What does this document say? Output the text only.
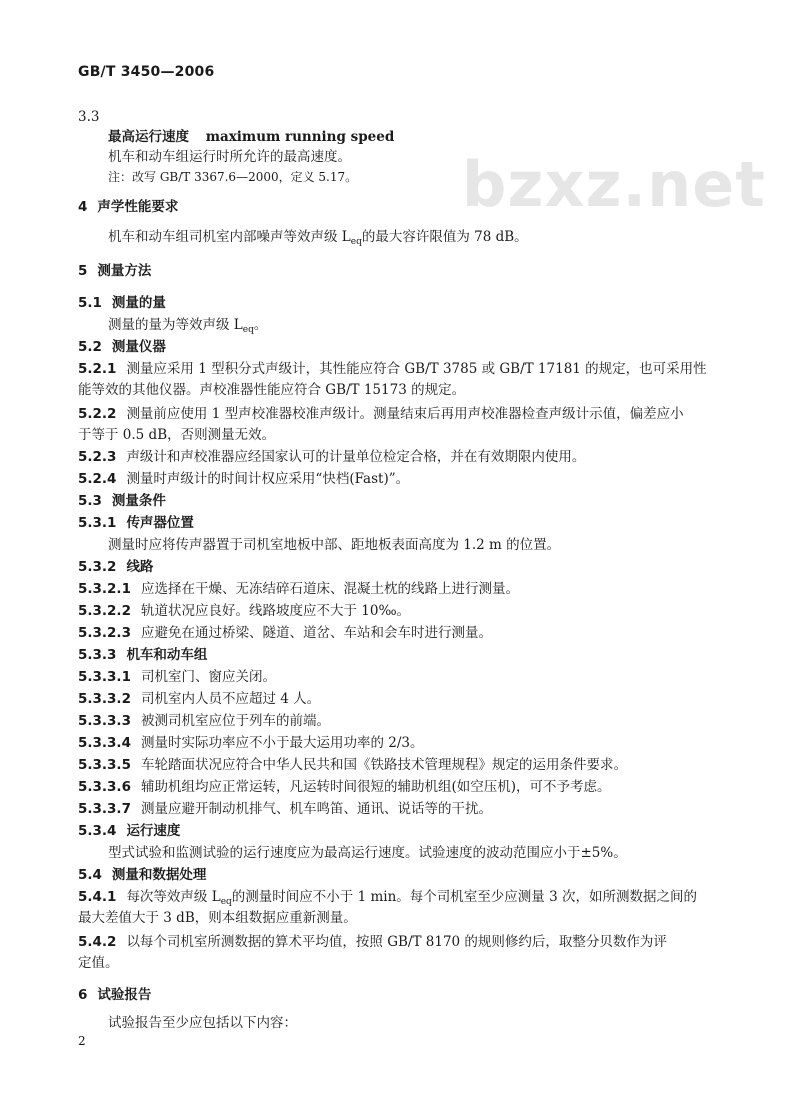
GB/T 3450—2006
bzxz.net
3.3
最高运行速度 maximum running speed
机车和动车组运行时所允许的最高速度。
注：改写 GB/T 3367.6—2000，定义 5.17。
4 声学性能要求
机车和动车组司机室内部噪声等效声级 $L_{eq}$的最大容许限值为 78 dB。
5 测量方法
5.1 测量的量
测量的量为等效声级 $L_{eq}$。
5.2 测量仪器
5.2.1 测量应采用 1 型积分式声级计，其性能应符合 GB/T 3785 或 GB/T 17181 的规定，也可采用性
能等效的其他仪器。声校准器性能应符合 GB/T 15173 的规定。
5.2.2 测量前应使用 1 型声校准器校准声级计。测量结束后再用声校准器检查声级计示值，偏差应小
于等于 0.5 dB，否则测量无效。
5.2.3 声级计和声校准器应经国家认可的计量单位检定合格，并在有效期限内使用。
5.2.4 测量时声级计的时间计权应采用“快档(Fast)”。
5.3 测量条件
5.3.1 传声器位置
测量时应将传声器置于司机室地板中部、距地板表面高度为 1.2 m 的位置。
5.3.2 线路
5.3.2.1 应选择在干燥、无冻结碎石道床、混凝土枕的线路上进行测量。
5.3.2.2 轨道状况应良好。线路坡度应不大于 10‰。
5.3.2.3 应避免在通过桥梁、隧道、道岔、车站和会车时进行测量。
5.3.3 机车和动车组
5.3.3.1 司机室门、窗应关闭。
5.3.3.2 司机室内人员不应超过 4 人。
5.3.3.3 被测司机室应位于列车的前端。
5.3.3.4 测量时实际功率应不小于最大运用功率的 2/3。
5.3.3.5 车轮踏面状况应符合中华人民共和国《铁路技术管理规程》规定的运用条件要求。
5.3.3.6 辅助机组均应正常运转，凡运转时间很短的辅助机组(如空压机)，可不予考虑。
5.3.3.7 测量应避开制动机排气、机车鸣笛、通讯、说话等的干扰。
5.3.4 运行速度
型式试验和监测试验的运行速度应为最高运行速度。试验速度的波动范围应小于±5%。
5.4 测量和数据处理
5.4.1 每次等效声级 $L_{eq}$的测量时间应不小于 1 min。每个司机室至少应测量 3 次，如所测数据之间的
最大差值大于 3 dB，则本组数据应重新测量。
5.4.2 以每个司机室所测数据的算术平均值，按照 GB/T 8170 的规则修约后，取整分贝数作为评
定值。
6 试验报告
试验报告至少应包括以下内容：
2
